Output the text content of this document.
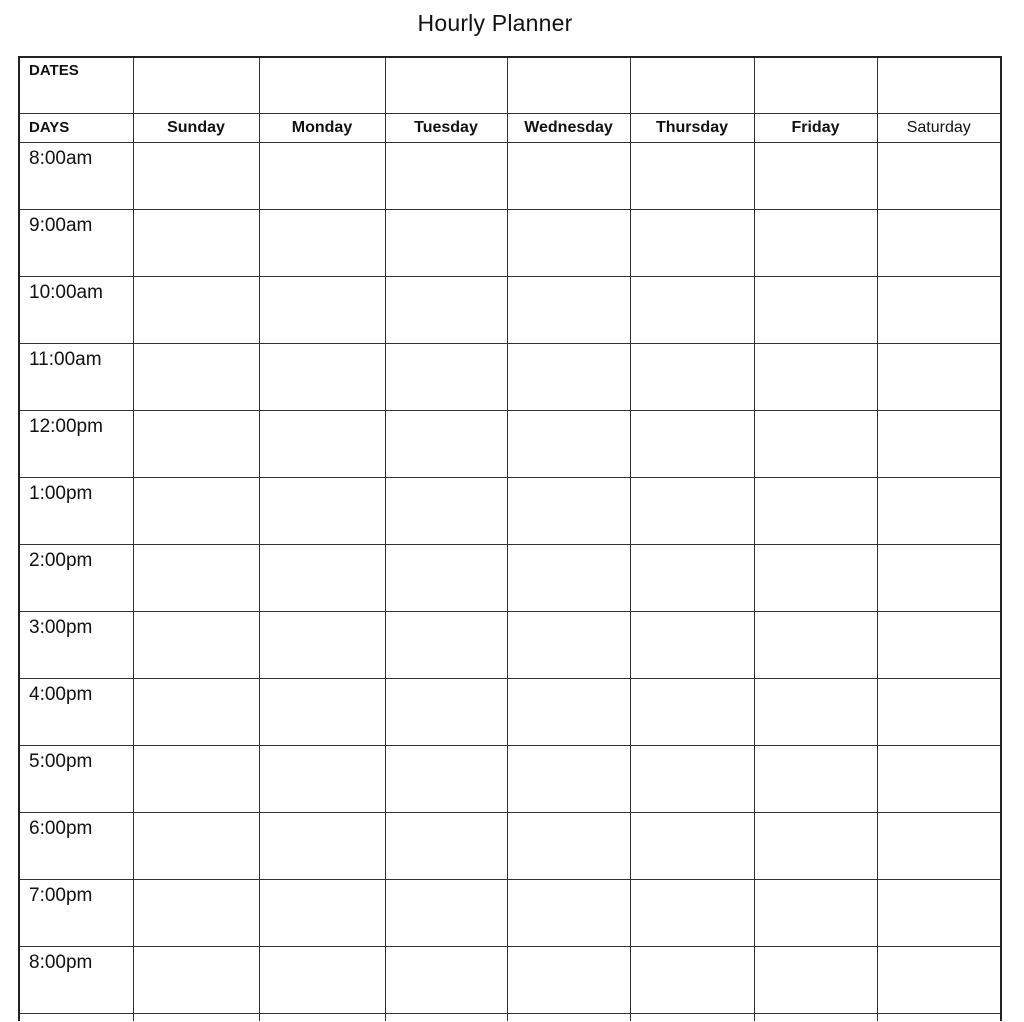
Hourly Planner
DATES							
DAYS	Sunday	Monday	Tuesday	Wednesday	Thursday	Friday	Saturday
8:00am							
9:00am							
10:00am							
11:00am							
12:00pm							
1:00pm							
2:00pm							
3:00pm							
4:00pm							
5:00pm							
6:00pm							
7:00pm							
8:00pm							
